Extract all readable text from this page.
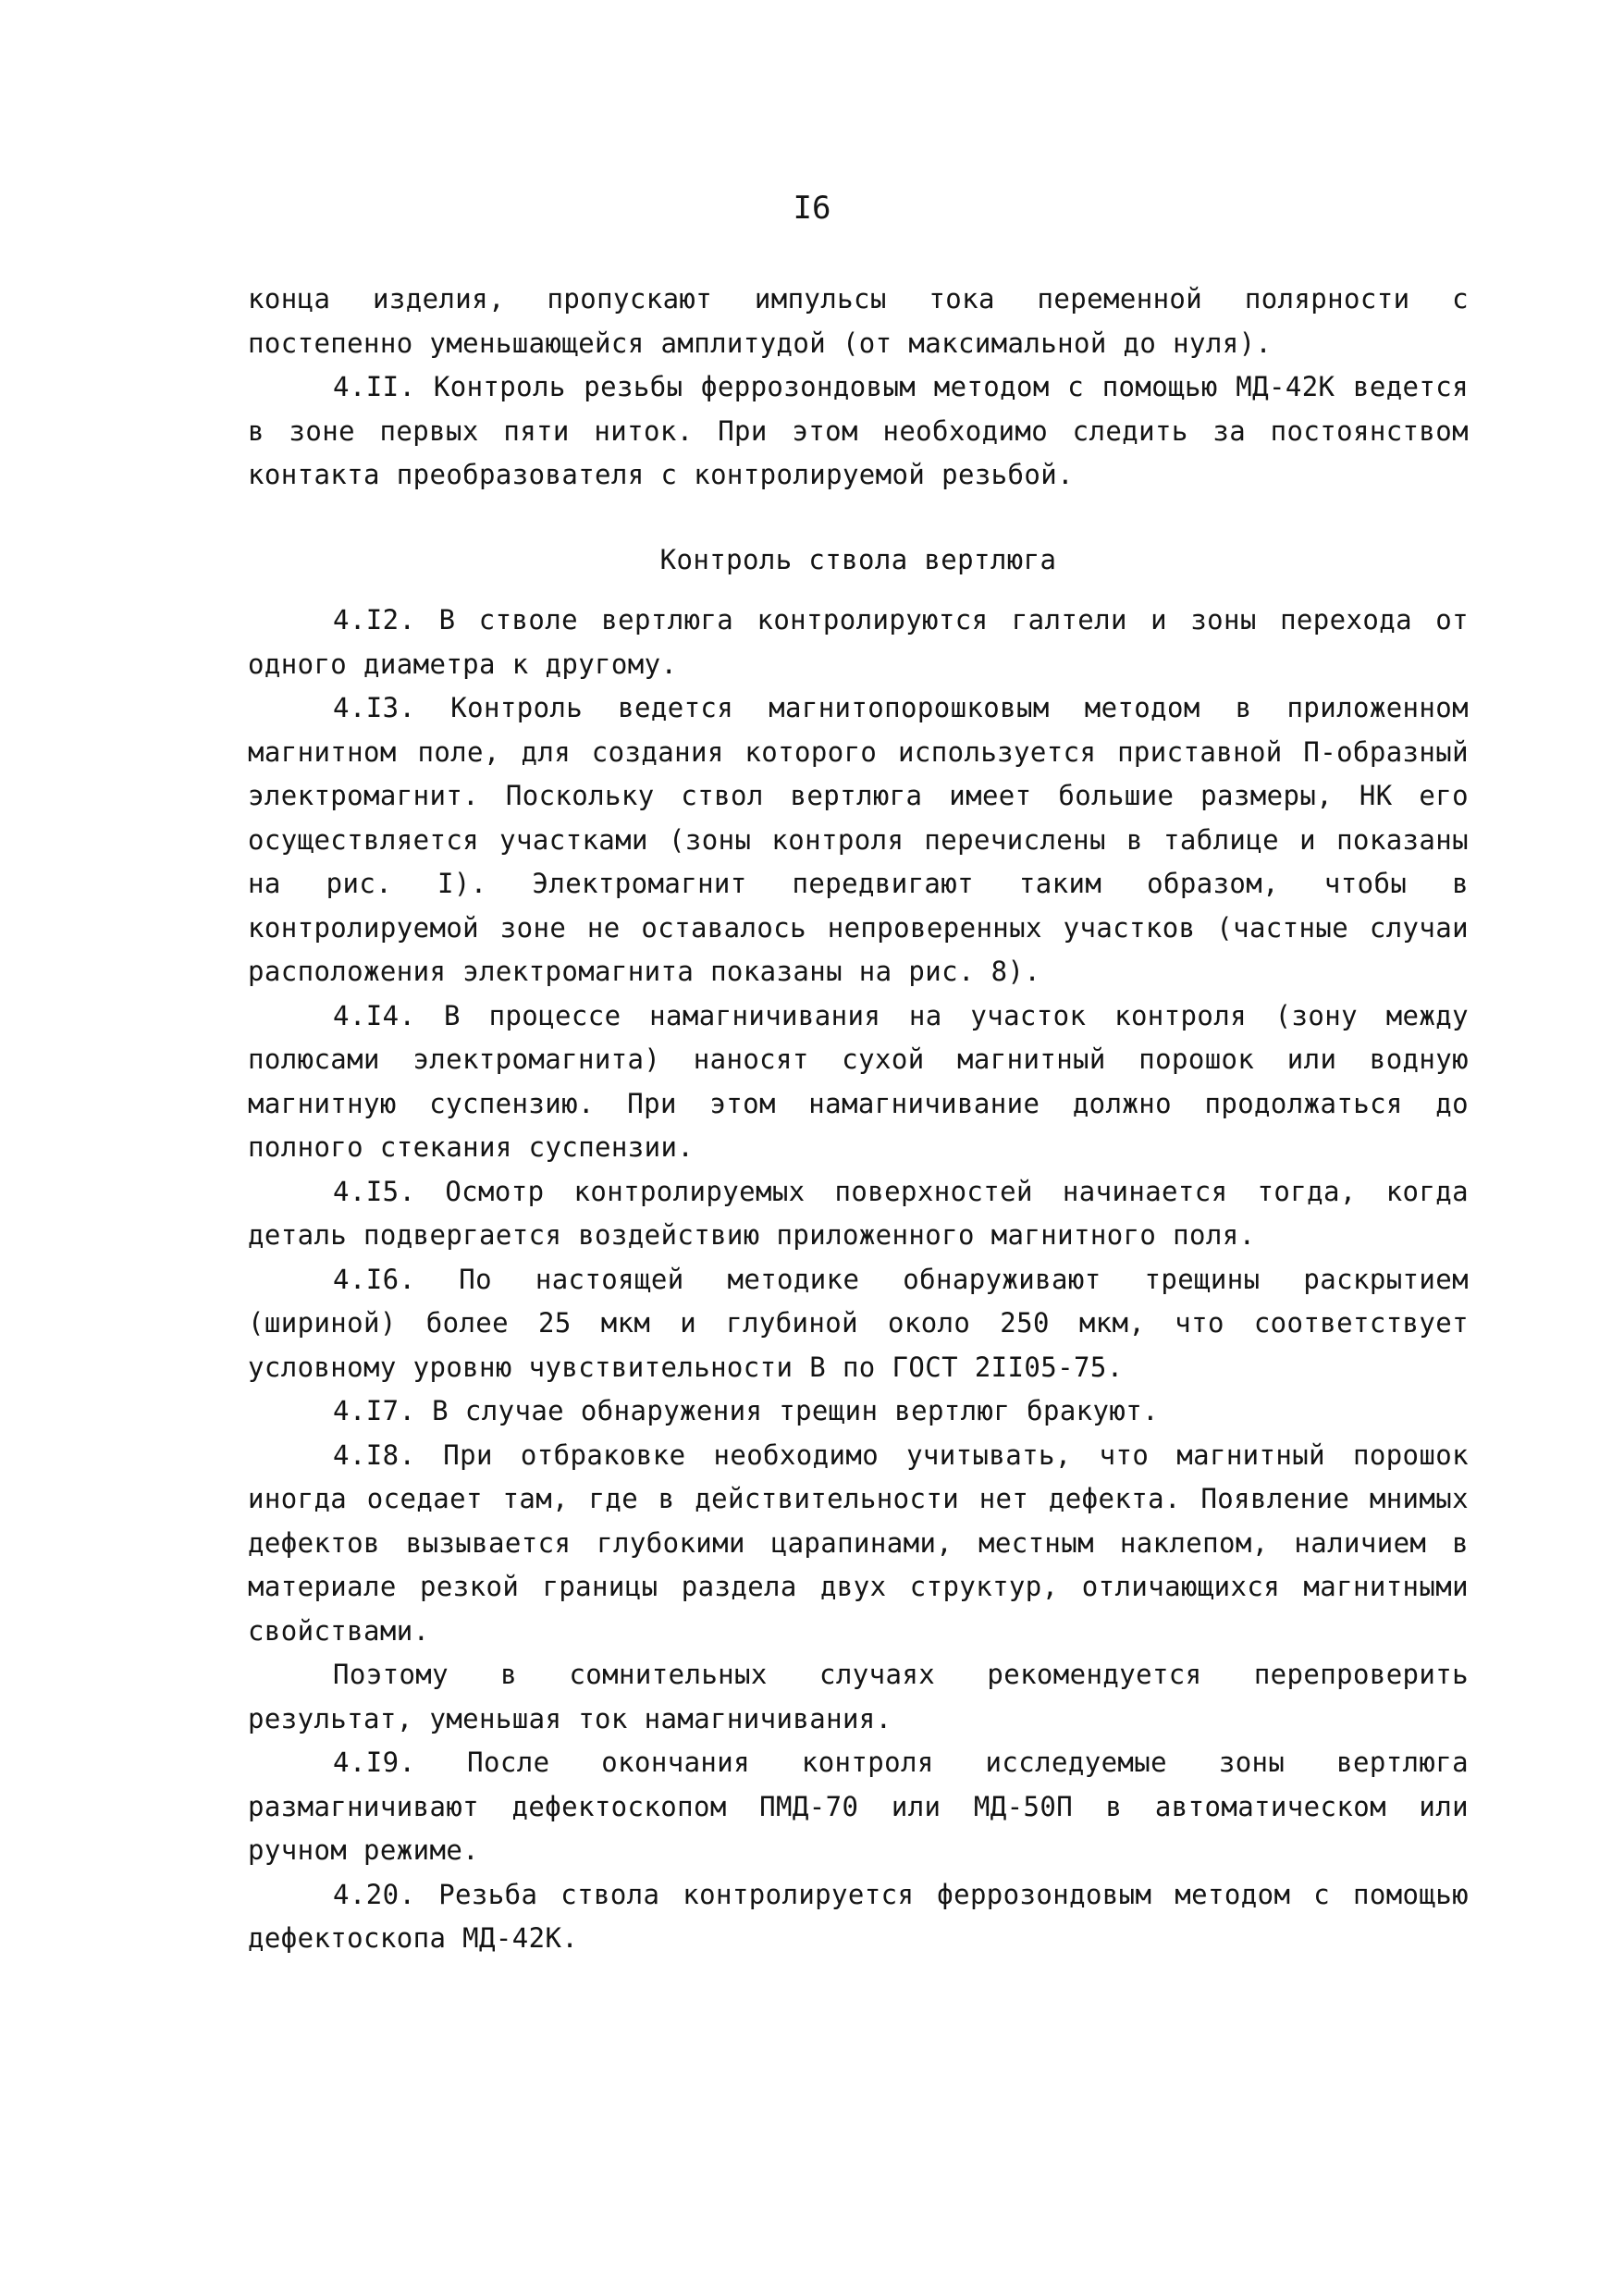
I6

конца изделия, пропускают импульсы тока переменной полярности с постепенно уменьшающейся амплитудой (от максимальной до нуля).

4.II. Контроль резьбы феррозондовым методом с помощью МД-42К ведется в зоне первых пяти ниток. При этом необходимо следить за постоянством контакта преобразователя с контролируемой резьбой.

Контроль ствола вертлюга

4.I2. В стволе вертлюга контролируются галтели и зоны перехода от одного диаметра к другому.

4.I3. Контроль ведется магнитопорошковым методом в приложенном магнитном поле, для создания которого используется приставной П-образный электромагнит. Поскольку ствол вертлюга имеет большие размеры, НК его осуществляется участками (зоны контроля перечислены в таблице и показаны на рис. I). Электромагнит передвигают таким образом, чтобы в контролируемой зоне не оставалось непроверенных участков (частные случаи расположения электромагнита показаны на рис. 8).

4.I4. В процессе намагничивания на участок контроля (зону между полюсами электромагнита) наносят сухой магнитный порошок или водную магнитную суспензию. При этом намагничивание должно продолжаться до полного стекания суспензии.

4.I5. Осмотр контролируемых поверхностей начинается тогда, когда деталь подвергается воздействию приложенного магнитного поля.

4.I6. По настоящей методике обнаруживают трещины раскрытием (шириной) более 25 мкм и глубиной около 250 мкм, что соответствует условному уровню чувствительности В по ГОСТ 2II05-75.

4.I7. В случае обнаружения трещин вертлюг бракуют.

4.I8. При отбраковке необходимо учитывать, что магнитный порошок иногда оседает там, где в действительности нет дефекта. Появление мнимых дефектов вызывается глубокими царапинами, местным наклепом, наличием в материале резкой границы раздела двух структур, отличающихся магнитными свойствами.

Поэтому в сомнительных случаях рекомендуется перепроверить результат, уменьшая ток намагничивания.

4.I9. После окончания контроля исследуемые зоны вертлюга размагничивают дефектоскопом ПМД-70 или МД-50П в автоматическом или ручном режиме.

4.20. Резьба ствола контролируется феррозондовым методом с помощью дефектоскопа МД-42К.
